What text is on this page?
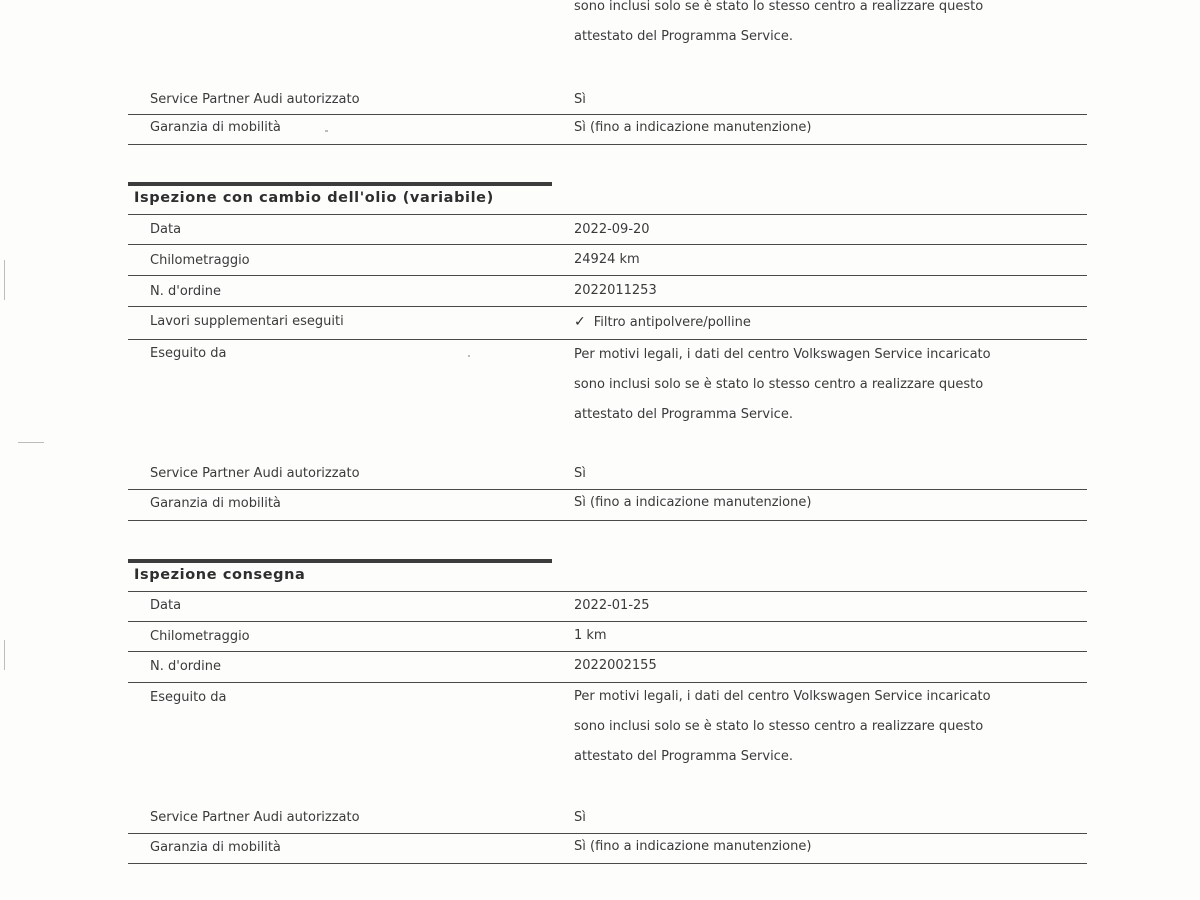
sono inclusi solo se è stato lo stesso centro a realizzare questo
attestato del Programma Service.
Service Partner Audi autorizzato	Sì
Garanzia di mobilità	Sì (fino a indicazione manutenzione)
Ispezione con cambio dell'olio (variabile)
Data	2022-09-20
Chilometraggio	24924 km
N. d'ordine	2022011253
Lavori supplementari eseguiti	✓ Filtro antipolvere/polline
Eseguito da	Per motivi legali, i dati del centro Volkswagen Service incaricato
sono inclusi solo se è stato lo stesso centro a realizzare questo
attestato del Programma Service.
Service Partner Audi autorizzato	Sì
Garanzia di mobilità	Sì (fino a indicazione manutenzione)
Ispezione consegna
Data	2022-01-25
Chilometraggio	1 km
N. d'ordine	2022002155
Eseguito da	Per motivi legali, i dati del centro Volkswagen Service incaricato
sono inclusi solo se è stato lo stesso centro a realizzare questo
attestato del Programma Service.
Service Partner Audi autorizzato	Sì
Garanzia di mobilità	Sì (fino a indicazione manutenzione)
